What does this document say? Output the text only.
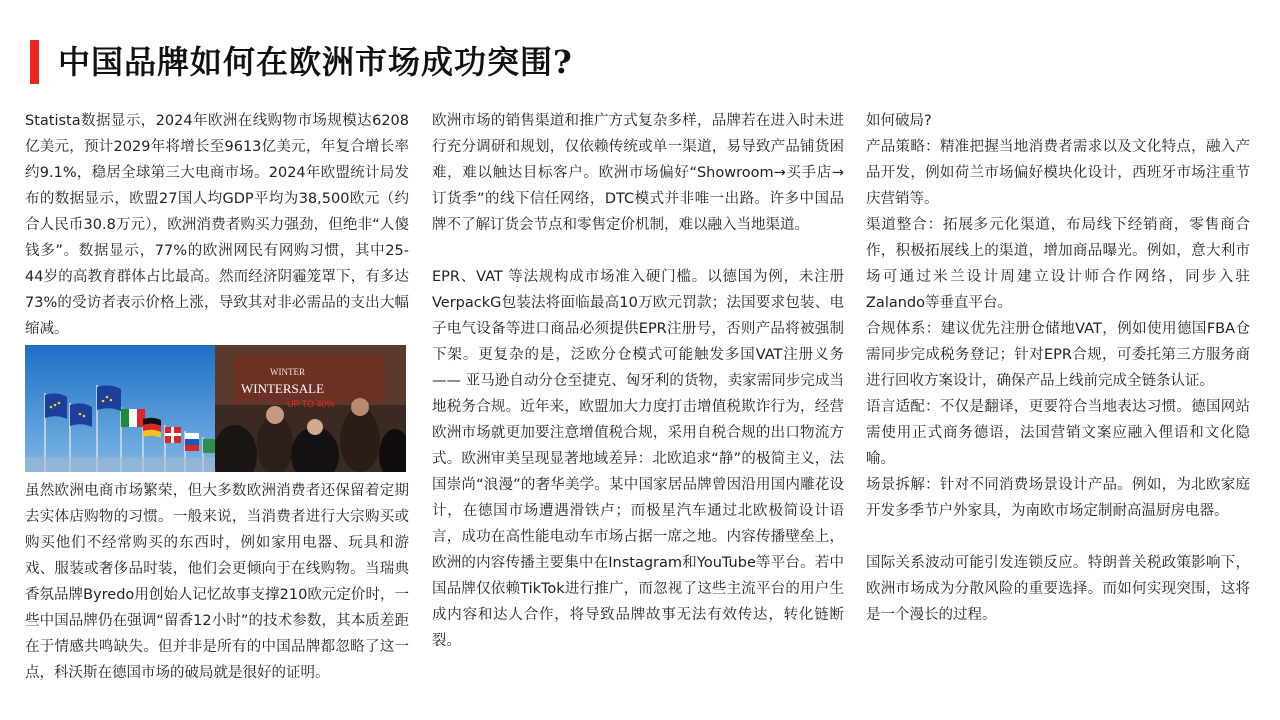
中国品牌如何在欧洲市场成功突围?

Statista数据显示，2024年欧洲在线购物市场规模达6208亿美元，预计2029年将增长至9613亿美元，年复合增长率约9.1%，稳居全球第三大电商市场。2024年欧盟统计局发布的数据显示，欧盟27国人均GDP平均为38,500欧元（约合人民币30.8万元），欧洲消费者购买力强劲，但绝非“人傻钱多”。数据显示，77%的欧洲网民有网购习惯，其中25-44岁的高教育群体占比最高。然而经济阴霾笼罩下，有多达73%的受访者表示价格上涨，导致其对非必需品的支出大幅缩减。

WINTER
WINTERSALE
UP TO 40%

虽然欧洲电商市场繁荣，但大多数欧洲消费者还保留着定期去实体店购物的习惯。一般来说，当消费者进行大宗购买或购买他们不经常购买的东西时，例如家用电器、玩具和游戏、服装或奢侈品时装，他们会更倾向于在线购物。当瑞典香氛品牌Byredo用创始人记忆故事支撑210欧元定价时，一些中国品牌仍在强调“留香12小时”的技术参数，其本质差距在于情感共鸣缺失。但并非是所有的中国品牌都忽略了这一点，科沃斯在德国市场的破局就是很好的证明。

欧洲市场的销售渠道和推广方式复杂多样，品牌若在进入时未进行充分调研和规划，仅依赖传统或单一渠道，易导致产品铺货困难，难以触达目标客户。欧洲市场偏好“Showroom→买手店→订货季”的线下信任网络，DTC模式并非唯一出路。许多中国品牌不了解订货会节点和零售定价机制，难以融入当地渠道。

EPR、VAT 等法规构成市场准入硬门槛。以德国为例，未注册VerpackG包装法将面临最高10万欧元罚款；法国要求包装、电子电气设备等进口商品必须提供EPR注册号，否则产品将被强制下架。更复杂的是，泛欧分仓模式可能触发多国VAT注册义务 —— 亚马逊自动分仓至捷克、匈牙利的货物，卖家需同步完成当地税务合规。近年来，欧盟加大力度打击增值税欺诈行为，经营欧洲市场就更加要注意增值税合规，采用自税合规的出口物流方式。欧洲审美呈现显著地域差异：北欧追求“静”的极简主义，法国崇尚“浪漫”的奢华美学。某中国家居品牌曾因沿用国内雕花设计，在德国市场遭遇滑铁卢；而极星汽车通过北欧极简设计语言，成功在高性能电动车市场占据一席之地。内容传播壁垒上，欧洲的内容传播主要集中在Instagram和YouTube等平台。若中国品牌仅依赖TikTok进行推广，而忽视了这些主流平台的用户生成内容和达人合作，将导致品牌故事无法有效传达，转化链断裂。

如何破局?

产品策略：精准把握当地消费者需求以及文化特点，融入产品开发，例如荷兰市场偏好模块化设计，西班牙市场注重节庆营销等。

渠道整合：拓展多元化渠道，布局线下经销商，零售商合作，积极拓展线上的渠道，增加商品曝光。例如，意大利市场可通过米兰设计周建立设计师合作网络，同步入驻Zalando等垂直平台。

合规体系：建议优先注册仓储地VAT，例如使用德国FBA仓需同步完成税务登记；针对EPR合规，可委托第三方服务商进行回收方案设计，确保产品上线前完成全链条认证。

语言适配：不仅是翻译，更要符合当地表达习惯。德国网站需使用正式商务德语，法国营销文案应融入俚语和文化隐喻。

场景拆解：针对不同消费场景设计产品。例如，为北欧家庭开发多季节户外家具，为南欧市场定制耐高温厨房电器。

国际关系波动可能引发连锁反应。特朗普关税政策影响下，欧洲市场成为分散风险的重要选择。而如何实现突围，这将是一个漫长的过程。
